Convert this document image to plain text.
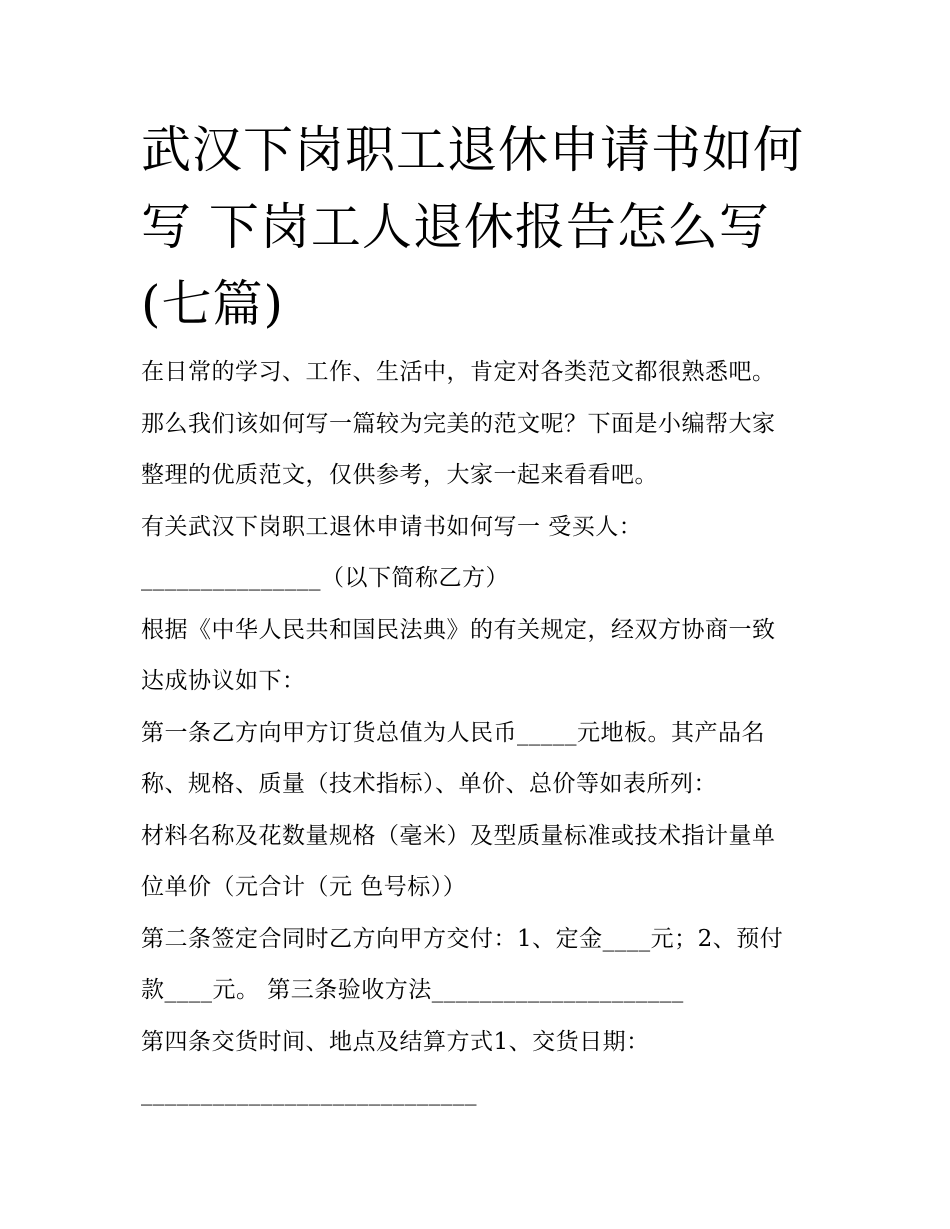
武汉下岗职工退休申请书如何
写 下岗工人退休报告怎么写
(七篇)
在日常的学习、工作、生活中，肯定对各类范文都很熟悉吧。
那么我们该如何写一篇较为完美的范文呢？下面是小编帮大家
整理的优质范文，仅供参考，大家一起来看看吧。
有关武汉下岗职工退休申请书如何写一 受买人：
_______________（以下简称乙方）
根据《中华人民共和国民法典》的有关规定，经双方协商一致
达成协议如下：
第一条乙方向甲方订货总值为人民币_____元地板。其产品名
称、规格、质量（技术指标）、单价、总价等如表所列：
材料名称及花数量规格（毫米）及型质量标准或技术指计量单
位单价（元合计（元 色号标））
第二条签定合同时乙方向甲方交付：1、定金____元；2、预付
款____元。 第三条验收方法_____________________
第四条交货时间、地点及结算方式1、交货日期：
____________________________
